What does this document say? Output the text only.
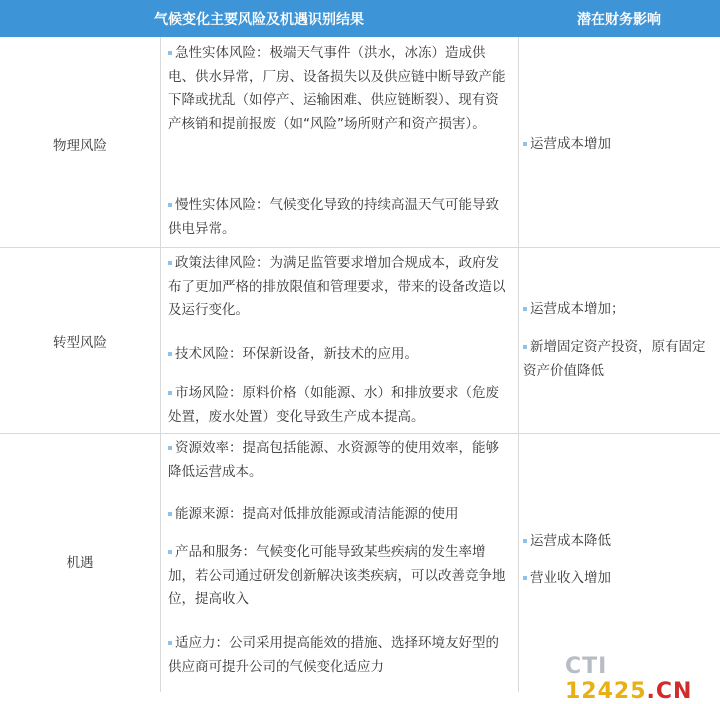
气候变化主要风险及机遇识别结果	潜在财务影响
物理风险
急性实体风险：极端天气事件（洪水，冰冻）造成供电、供水异常，厂房、设备损失以及供应链中断导致产能下降或扰乱（如停产、运输困难、供应链断裂）、现有资产核销和提前报废（如“风险”场所财产和资产损害）。
慢性实体风险：气候变化导致的持续高温天气可能导致供电异常。
运营成本增加
转型风险
政策法律风险：为满足监管要求增加合规成本，政府发布了更加严格的排放限值和管理要求，带来的设备改造以及运行变化。
技术风险：环保新设备，新技术的应用。
市场风险：原料价格（如能源、水）和排放要求（危废处置，废水处置）变化导致生产成本提高。
运营成本增加；
新增固定资产投资，原有固定资产价值降低
机遇
资源效率：提高包括能源、水资源等的使用效率，能够降低运营成本。
能源来源：提高对低排放能源或清洁能源的使用
产品和服务：气候变化可能导致某些疾病的发生率增加，若公司通过研发创新解决该类疾病，可以改善竞争地位，提高收入
适应力：公司采用提高能效的措施、选择环境友好型的供应商可提升公司的气候变化适应力
运营成本降低
营业收入增加
CTI 12425.CN
